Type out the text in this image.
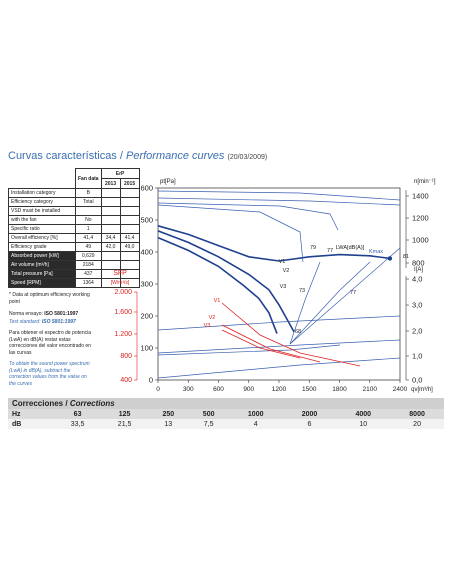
Curvas características / Performance curves (20/03/2009)
	Fan data	ErP	
		2013	2015
Installation category	B		
Efficiency category	Total		
VSD must be installed			
with the fan	No		
Specific ratio	1		
Overall efficiency [%]	41,4	34,4	41,4
Efficiency grade	49	42,0	49,0
Absorbed power [kW]	0,629		
Air volume [m³/h]	2184		
Total pressure [Pa]	437		
Speed [RPM]	1364		
* Data at optimum efficiency working point
Norma ensayo: ISO 5801:1997
Test standard: ISO 5801:1997
Para obtener el espectro de potencia (LwA) en dB(A) restar estas correcciones del valor encontrado en las curvas
To obtain the sound power spectrum (LwA) in dB(A), subtract the correction values from the value on the curves
0	300	600	900	1200 1500 1800 2100 2400 qv[m³/h]
0
100
200
300
400
500
600
pt[Pa]
400
800
1.200
1.600
2.000
SFP
[W/m³/s]
800
1000
1200
1400
n[min⁻¹]
0,0
1,0
2,0
3,0
4,0
I[A]
V1
V2
V3
79 77
73	77
68
81
LWA[dB(A)]
Kmax
V1
V2
V3
Correcciones / Corrections								
Hz	63	125	250	500	1000	2000	4000	8000
dB	33,5	21,5	13	7,5	4	6	10	20
